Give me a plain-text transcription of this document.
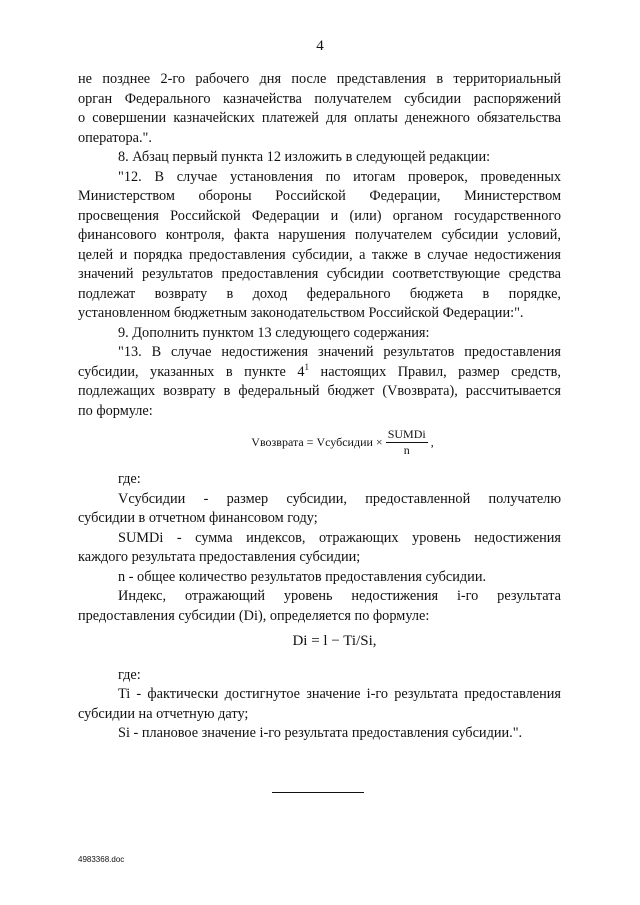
4

не позднее 2-го рабочего дня после представления в территориальный

орган Федерального казначейства получателем субсидии распоряжений

о совершении казначейских платежей для оплаты денежного обязательства

оператора.".

8. Абзац первый пункта 12 изложить в следующей редакции:

"12. В случае установления по итогам проверок, проведенных

Министерством обороны Российской Федерации, Министерством

просвещения Российской Федерации и (или) органом государственного

финансового контроля, факта нарушения получателем субсидии условий,

целей и порядка предоставления субсидии, а также в случае недостижения

значений результатов предоставления субсидии соответствующие средства

подлежат возврату в доход федерального бюджета в порядке,

установленном бюджетным законодательством Российской Федерации:".

9. Дополнить пунктом 13 следующего содержания:

"13. В случае недостижения значений результатов предоставления

субсидии, указанных в пункте $4^1$ настоящих Правил, размер средств,

подлежащих возврату в федеральный бюджет (Vвозврата), рассчитывается

по формуле:

Vвозврата = Vсубсидии × $\frac{\text{SUMDi}}{n}$ ,

где:

Vсубсидии - размер субсидии, предоставленной получателю

субсидии в отчетном финансовом году;

SUMDi - сумма индексов, отражающих уровень недостижения

каждого результата предоставления субсидии;

n - общее количество результатов предоставления субсидии.

Индекс, отражающий уровень недостижения i-го результата

предоставления субсидии (Di), определяется по формуле:

Di = l − Ti/Si,

где:

Ti - фактически достигнутое значение i-го результата предоставления

субсидии на отчетную дату;

Si - плановое значение i-го результата предоставления субсидии.".

4983368.doc
